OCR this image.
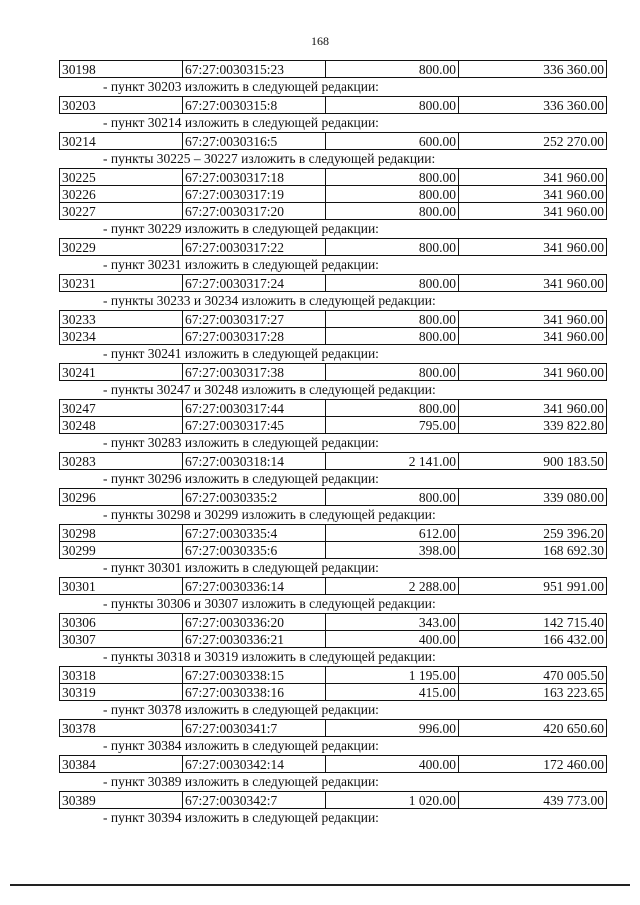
168
30198	67:27:0030315:23	800.00	336 360.00
- пункт 30203 изложить в следующей редакции:
30203	67:27:0030315:8	800.00	336 360.00
- пункт 30214 изложить в следующей редакции:
30214	67:27:0030316:5	600.00	252 270.00
- пункты 30225 – 30227 изложить в следующей редакции:
30225	67:27:0030317:18	800.00	341 960.00
30226	67:27:0030317:19	800.00	341 960.00
30227	67:27:0030317:20	800.00	341 960.00
- пункт 30229 изложить в следующей редакции:
30229	67:27:0030317:22	800.00	341 960.00
- пункт 30231 изложить в следующей редакции:
30231	67:27:0030317:24	800.00	341 960.00
- пункты 30233 и 30234 изложить в следующей редакции:
30233	67:27:0030317:27	800.00	341 960.00
30234	67:27:0030317:28	800.00	341 960.00
- пункт 30241 изложить в следующей редакции:
30241	67:27:0030317:38	800.00	341 960.00
- пункты 30247 и 30248 изложить в следующей редакции:
30247	67:27:0030317:44	800.00	341 960.00
30248	67:27:0030317:45	795.00	339 822.80
- пункт 30283 изложить в следующей редакции:
30283	67:27:0030318:14	2 141.00	900 183.50
- пункт 30296 изложить в следующей редакции:
30296	67:27:0030335:2	800.00	339 080.00
- пункты 30298 и 30299 изложить в следующей редакции:
30298	67:27:0030335:4	612.00	259 396.20
30299	67:27:0030335:6	398.00	168 692.30
- пункт 30301 изложить в следующей редакции:
30301	67:27:0030336:14	2 288.00	951 991.00
- пункты 30306 и 30307 изложить в следующей редакции:
30306	67:27:0030336:20	343.00	142 715.40
30307	67:27:0030336:21	400.00	166 432.00
- пункты 30318 и 30319 изложить в следующей редакции:
30318	67:27:0030338:15	1 195.00	470 005.50
30319	67:27:0030338:16	415.00	163 223.65
- пункт 30378 изложить в следующей редакции:
30378	67:27:0030341:7	996.00	420 650.60
- пункт 30384 изложить в следующей редакции:
30384	67:27:0030342:14	400.00	172 460.00
- пункт 30389 изложить в следующей редакции:
30389	67:27:0030342:7	1 020.00	439 773.00
- пункт 30394 изложить в следующей редакции:
